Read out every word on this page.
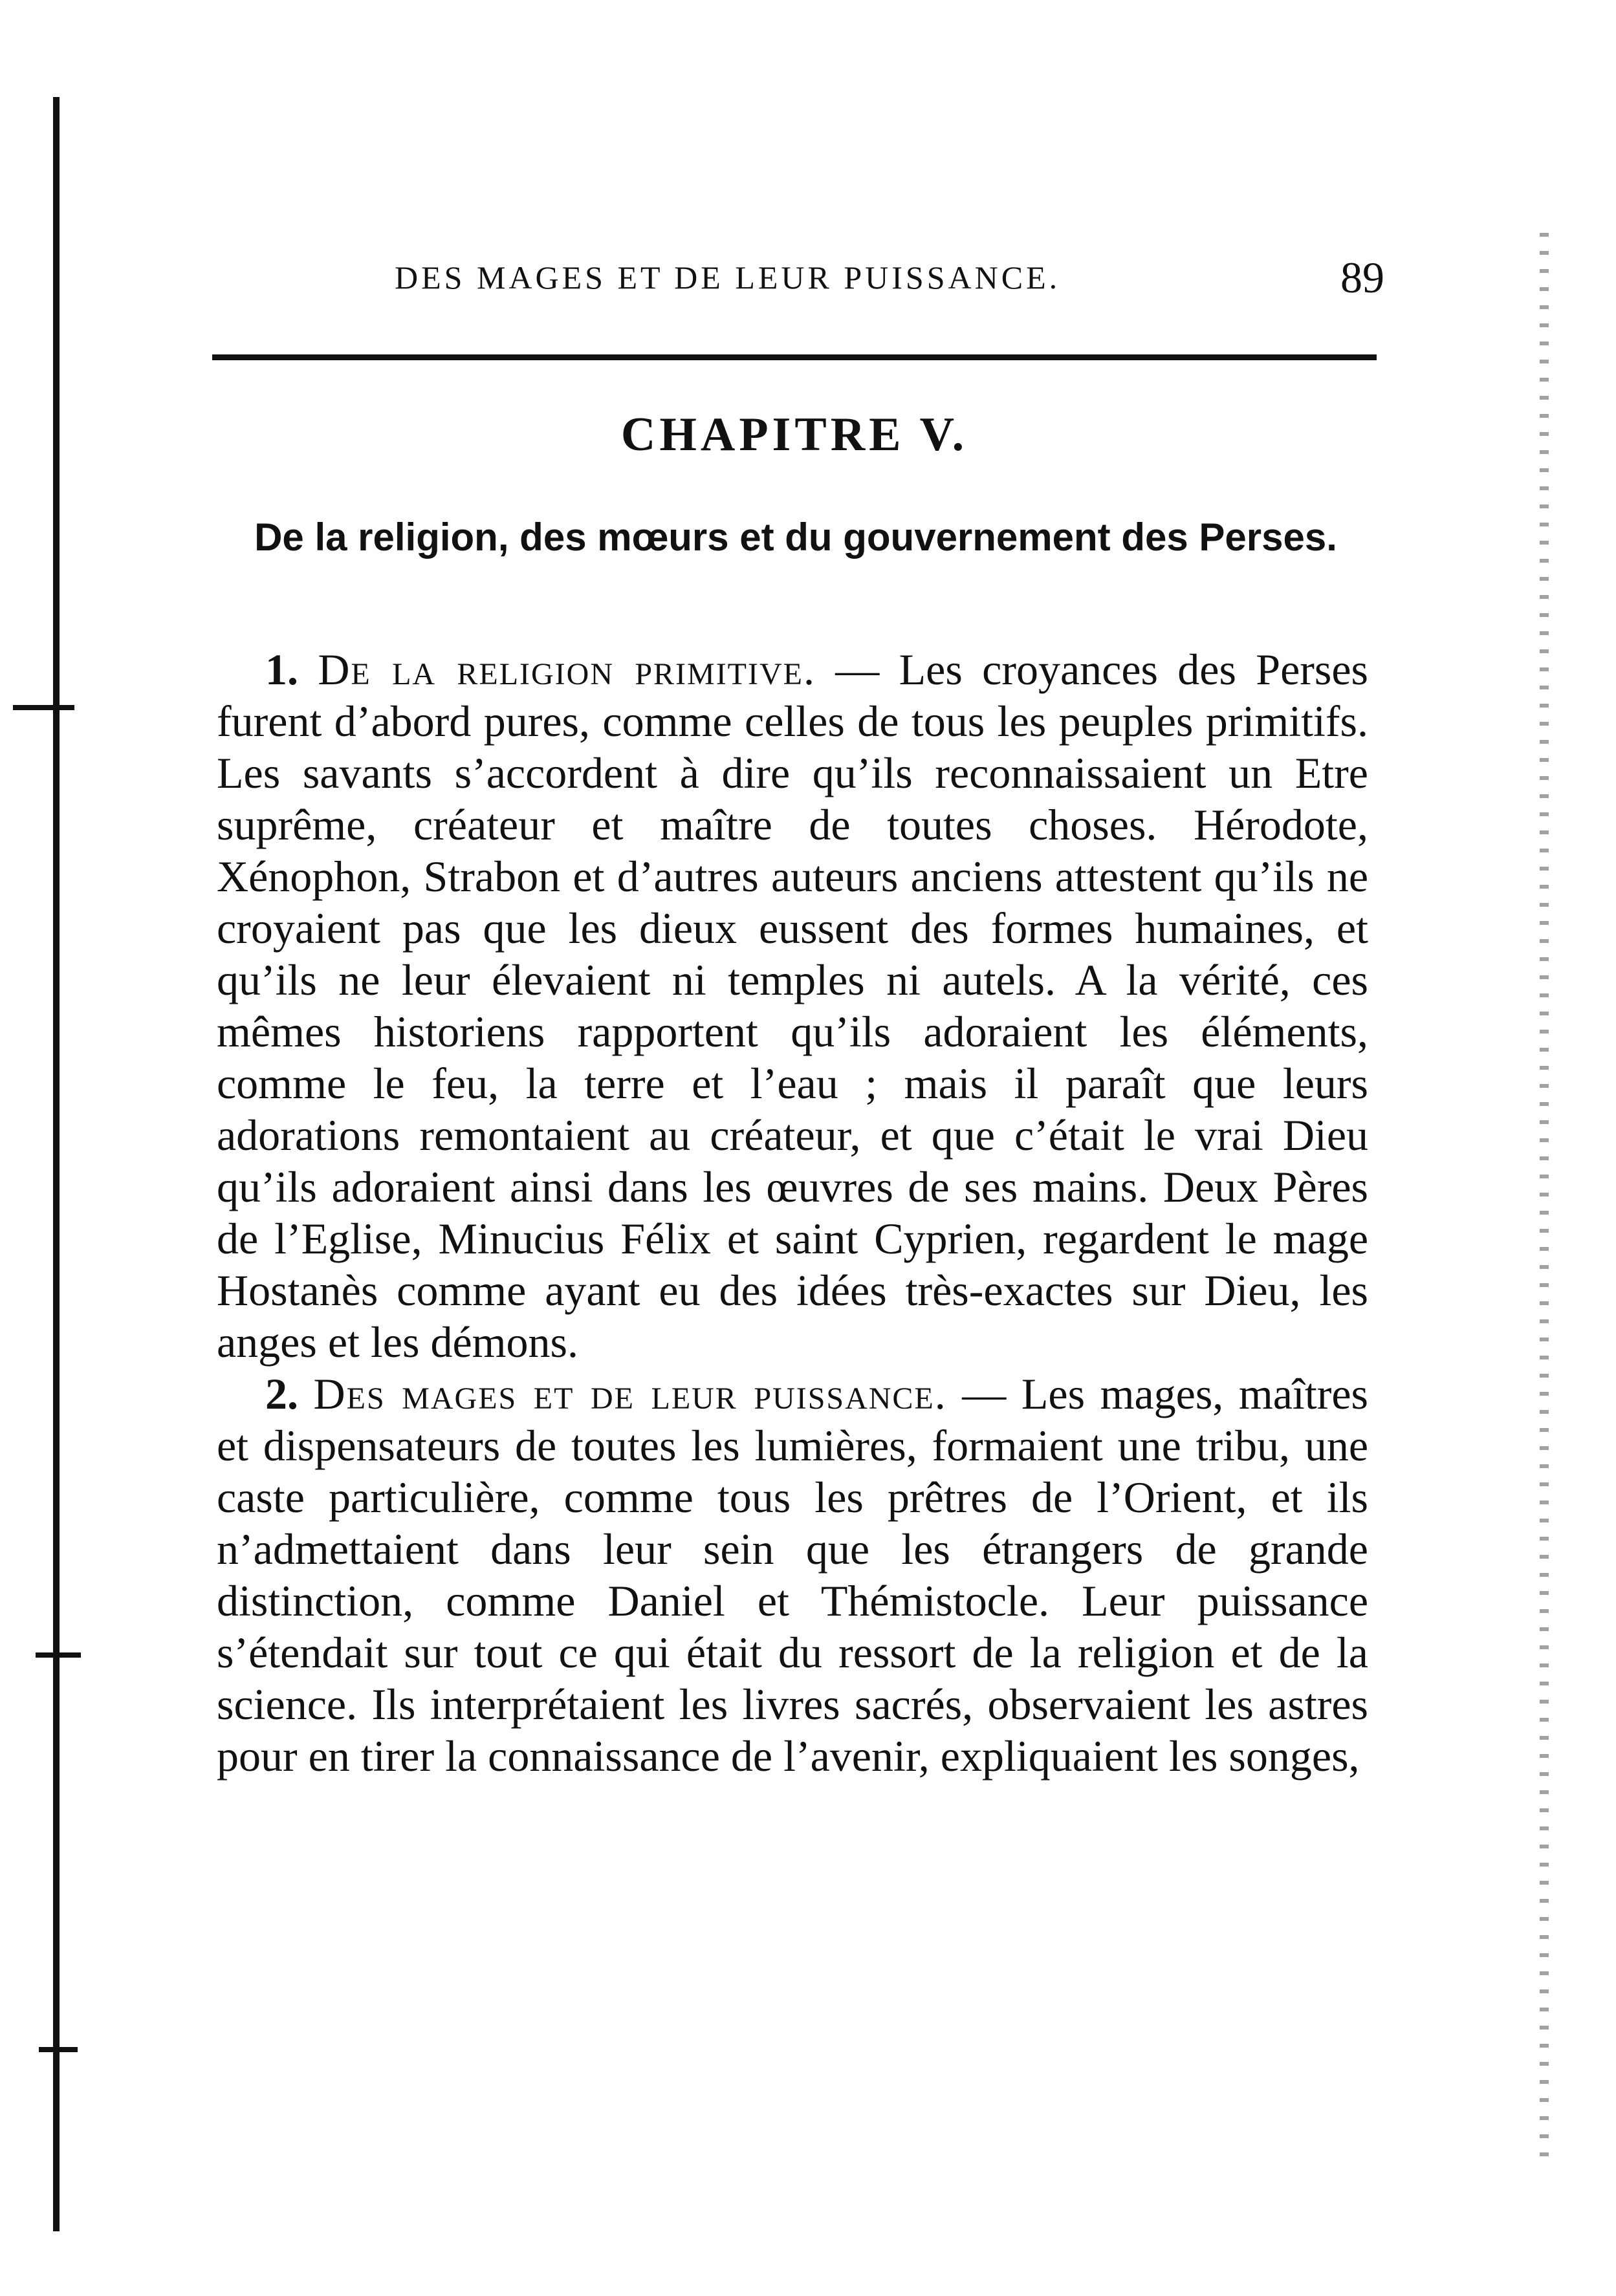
DES MAGES ET DE LEUR PUISSANCE.	89
CHAPITRE V.
De la religion, des mœurs et du gouvernement des Perses.

1. De la religion primitive. — Les croyances des Perses furent d’abord pures, comme celles de tous les peuples primitifs. Les savants s’accordent à dire qu’ils reconnaissaient un Etre suprême, créateur et maître de toutes choses. Hérodote, Xénophon, Strabon et d’autres auteurs anciens attestent qu’ils ne croyaient pas que les dieux eussent des formes humaines, et qu’ils ne leur élevaient ni temples ni autels. A la vérité, ces mêmes historiens rapportent qu’ils adoraient les éléments, comme le feu, la terre et l’eau ; mais il paraît que leurs adorations remontaient au créateur, et que c’était le vrai Dieu qu’ils adoraient ainsi dans les œuvres de ses mains. Deux Pères de l’Eglise, Minucius Félix et saint Cyprien, regardent le mage Hostanès comme ayant eu des idées très-exactes sur Dieu, les anges et les démons.

2. Des mages et de leur puissance. — Les mages, maîtres et dispensateurs de toutes les lumières, formaient une tribu, une caste particulière, comme tous les prêtres de l’Orient, et ils n’admettaient dans leur sein que les étrangers de grande distinction, comme Daniel et Thémistocle. Leur puissance s’étendait sur tout ce qui était du ressort de la religion et de la science. Ils interprétaient les livres sacrés, observaient les astres pour en tirer la connaissance de l’avenir, expliquaient les songes,
